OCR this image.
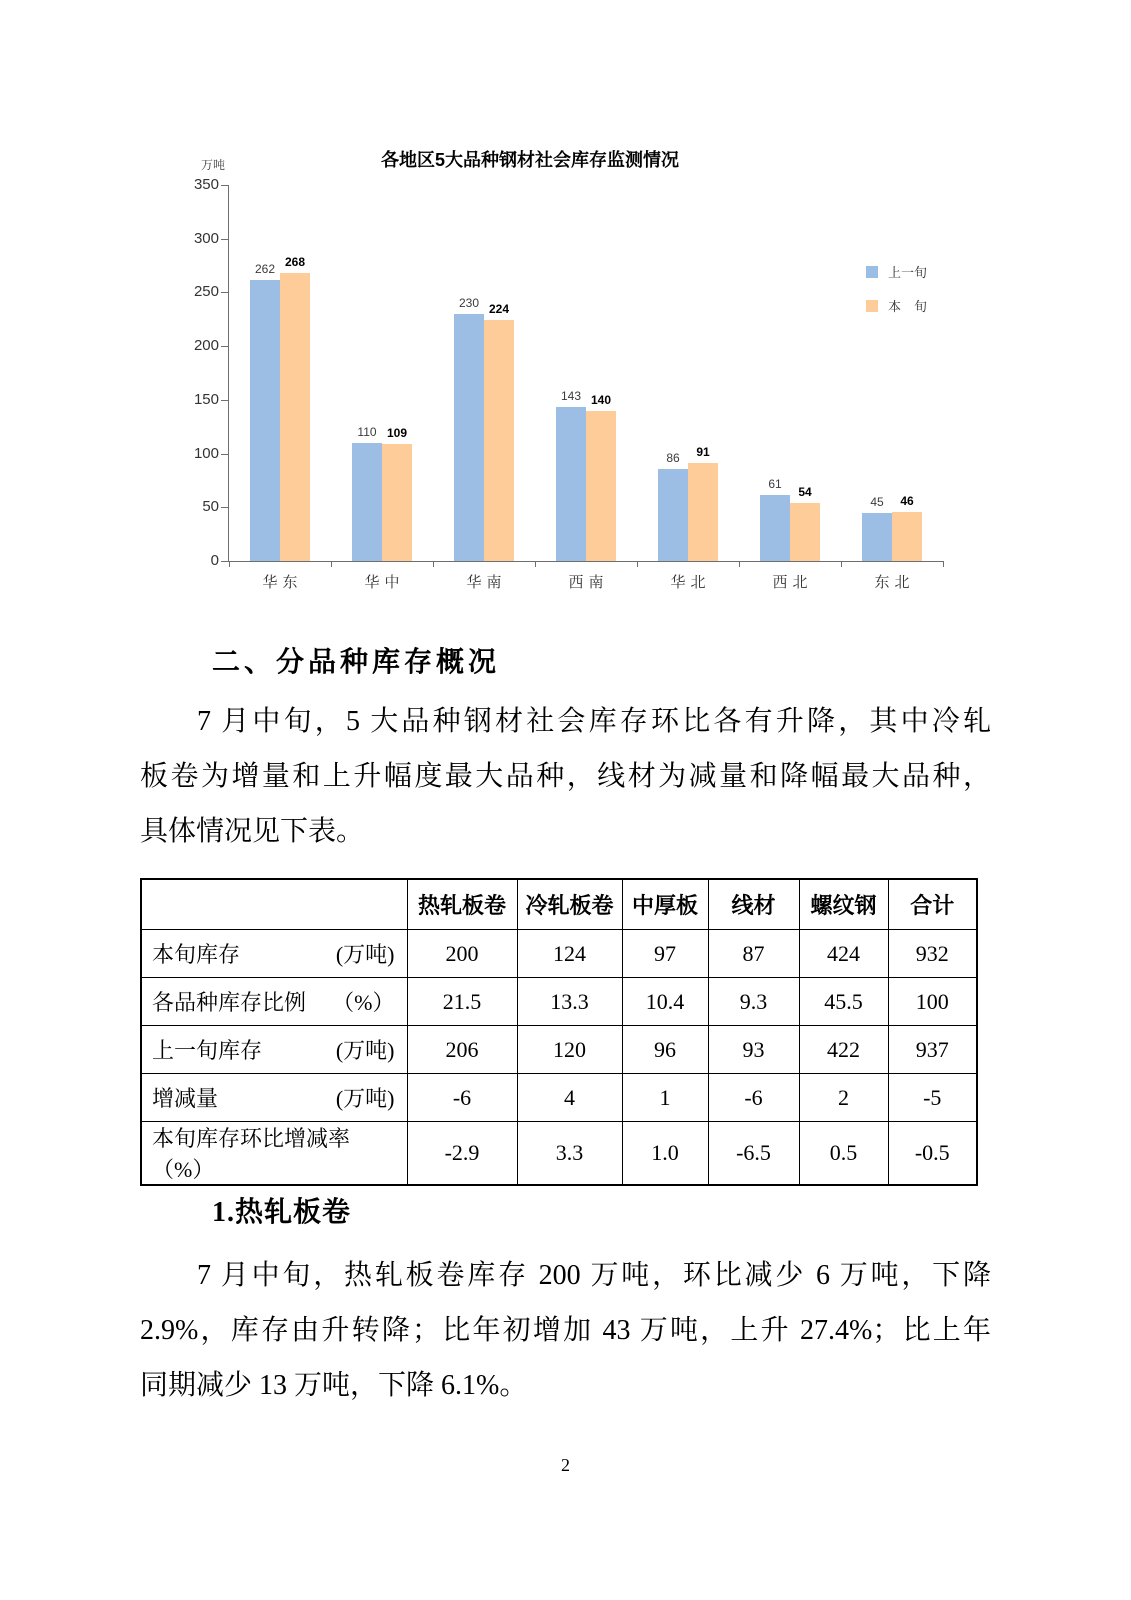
各地区5大品种钢材社会库存监测情况
万吨
0
50
100
150
200
250
300
350
262 268
华东
110 109
华中
230 224
华南
143 140
西南
86	91
华北
61
54
西北
45	46
东北
上一旬
本　旬
二、分品种库存概况
7 月中旬，5 大品种钢材社会库存环比各有升降，其中冷轧
板卷为增量和上升幅度最大品种，线材为减量和降幅最大品种，
具体情况见下表。
	热轧板卷	冷轧板卷	中厚板	线材	螺纹钢	合计

本旬库存 (万吨)	200	124	97	87	424	932

各品种库存比例 （%）	21.5	13.3	10.4	9.3	45.5	100

上一旬库存 (万吨)	206	120	96	93	422	937

增减量 (万吨)	-6	4	1	-6	2	-5

本旬库存环比增减率（%）	-2.9	3.3	1.0	-6.5	0.5	-0.5
1.热轧板卷
7 月中旬，热轧板卷库存 200 万吨，环比减少 6 万吨，下降
2.9%，库存由升转降；比年初增加 43 万吨，上升 27.4%；比上年
同期减少 13 万吨，下降 6.1%。
2
